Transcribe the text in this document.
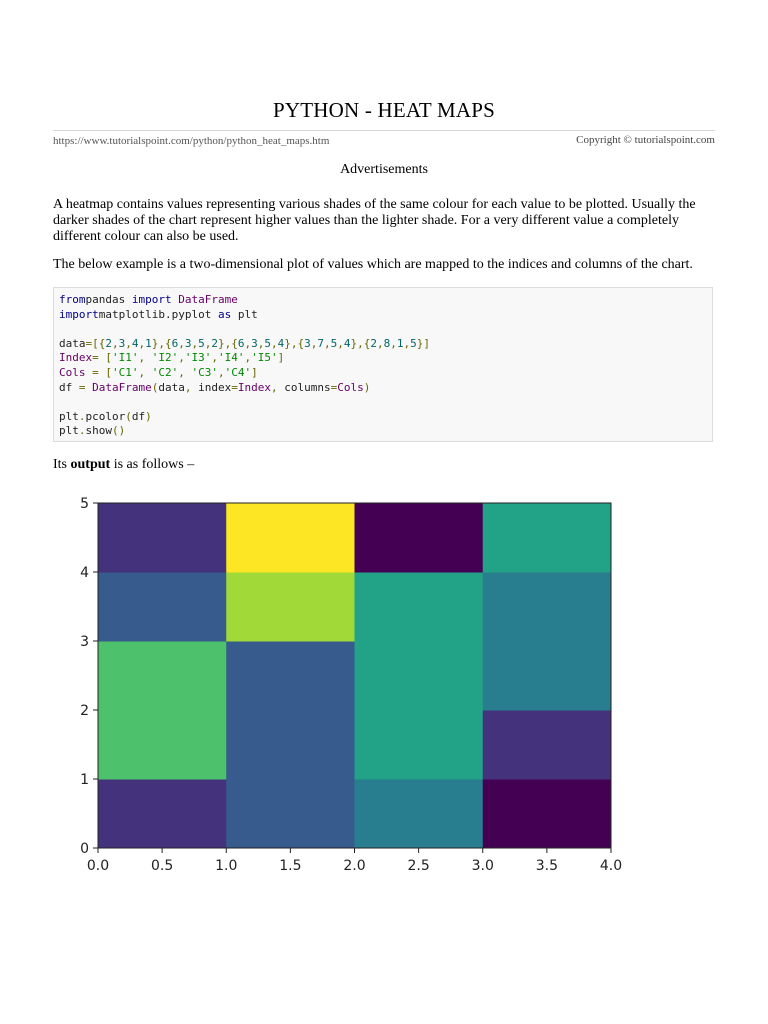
PYTHON - HEAT MAPS
https://www.tutorialspoint.com/python/python_heat_maps.htm	Copyright © tutorialspoint.com
Advertisements
A heatmap contains values representing various shades of the same colour for each value to be plotted. Usually the darker shades of the chart represent higher values than the lighter shade. For a very different value a completely different colour can also be used.
The below example is a two-dimensional plot of values which are mapped to the indices and columns of the chart.
frompandas import DataFrame
importmatplotlib.pyplot as plt

data=[{2,3,4,1},{6,3,5,2},{6,3,5,4},{3,7,5,4},{2,8,1,5}]
Index= ['I1', 'I2','I3','I4','I5']
Cols = ['C1', 'C2', 'C3','C4']
df = DataFrame(data, index=Index, columns=Cols)

plt.pcolor(df)
plt.show()
Its output is as follows –
0.0	0.5	1.0	1.5	2.0	2.5	3.0	3.5	4.0
0
1
2
3
4
5
